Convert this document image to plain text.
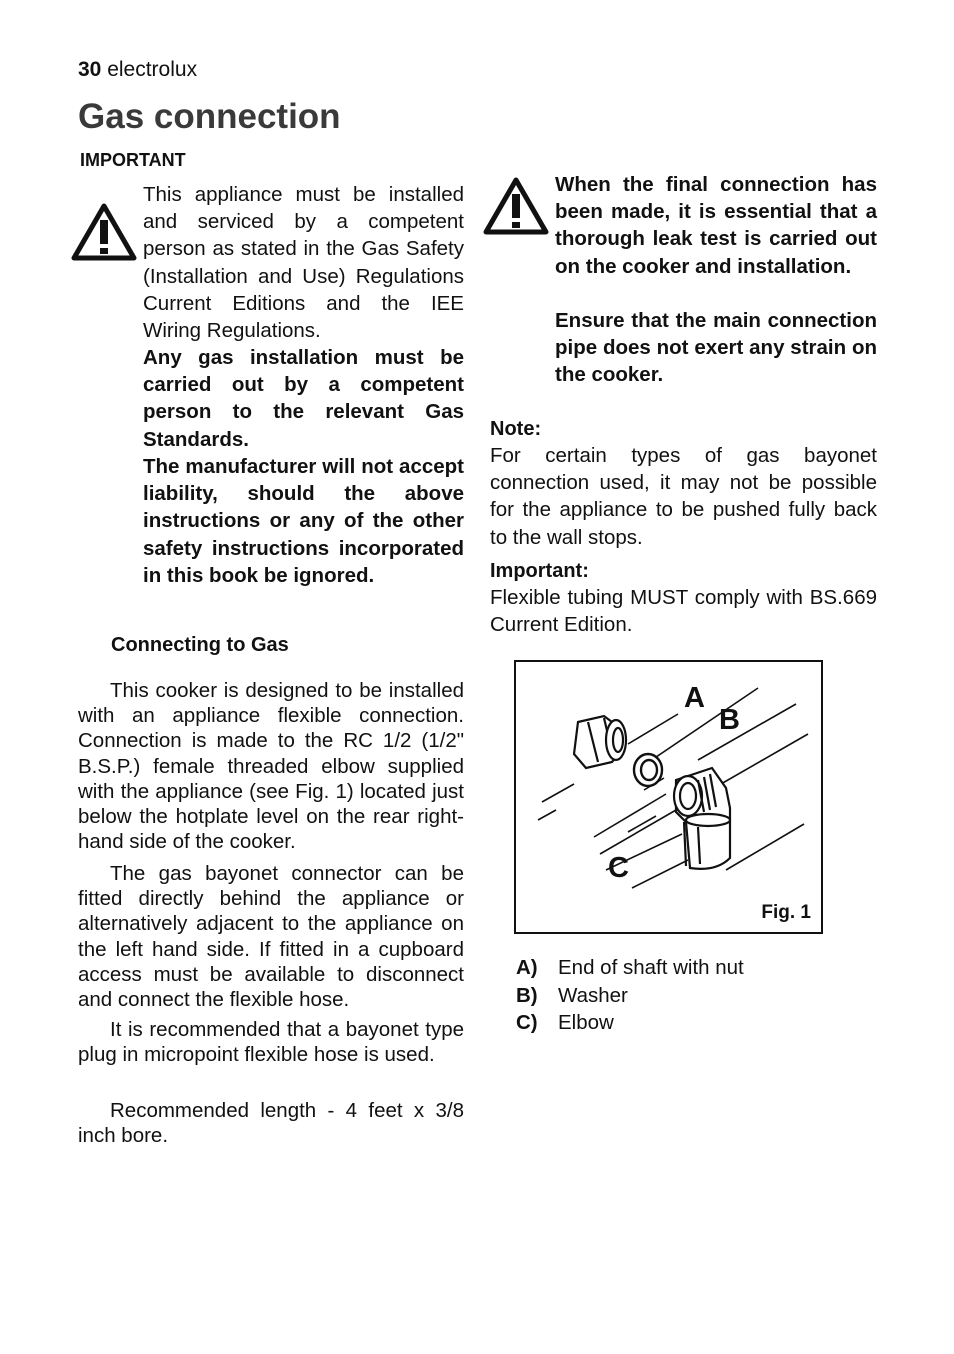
30 electrolux
Gas connection
IMPORTANT

This appliance must be installed and serviced by a competent person as stated in the Gas Safety (Installation and Use) Regulations Current Editions and the IEE Wiring Regulations.

Any gas installation must be carried out by a competent person to the relevant Gas Standards.

The manufacturer will not accept liability, should the above instructions or any of the other safety instructions incorporated in this book be ignored.

Connecting to Gas

This cooker is designed to be installed with an appliance flexible connection. Connection is made to the RC 1/2 (1/2" B.S.P.) female threaded elbow supplied with the appliance (see Fig. 1) located just below the hotplate level on the rear right-hand side of the cooker.

The gas bayonet connector can be fitted directly behind the appliance or alternatively adjacent to the appliance on the left hand side. If fitted in a cupboard access must be available to disconnect and connect the flexible hose.

It is recommended that a bayonet type plug in micropoint flexible hose is used.

Recommended length - 4 feet x 3/8 inch bore.

When the final connection has been made, it is essential that a thorough leak test is carried out on the cooker and installation.

Ensure that the main connection pipe does not exert any strain on the cooker.

Note:

For certain types of gas bayonet connection used, it may not be possible for the appliance to be pushed fully back to the wall stops.

Important:

Flexible tubing MUST comply with BS.669 Current Edition.

A
B
C
Fig. 1
A) End of shaft with nut
B) Washer
C) Elbow
